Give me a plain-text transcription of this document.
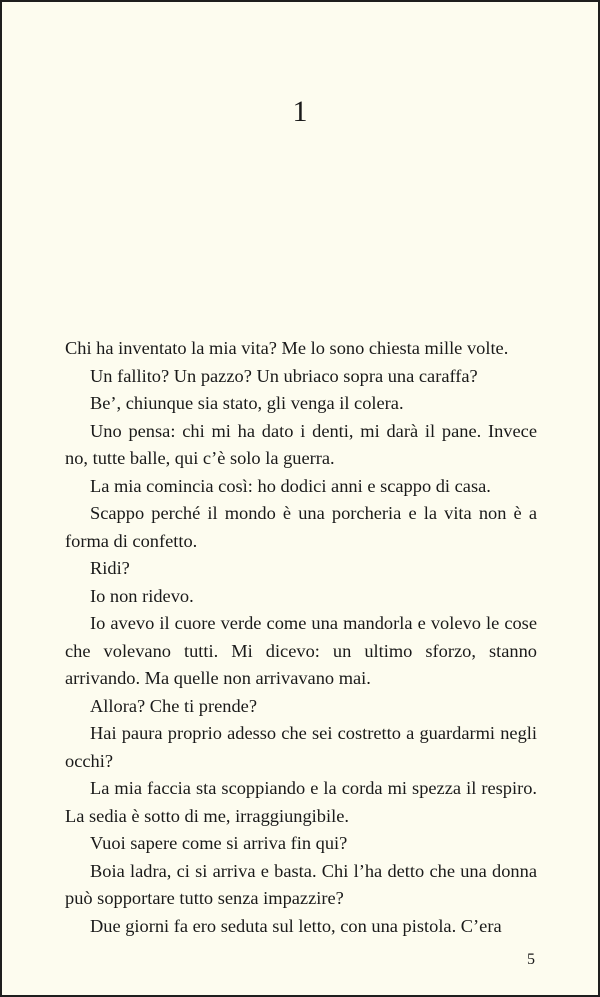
1
Chi ha inventato la mia vita? Me lo sono chiesta mille volte.
Un fallito? Un pazzo? Un ubriaco sopra una caraffa?
Be’, chiunque sia stato, gli venga il colera.
Uno pensa: chi mi ha dato i denti, mi darà il pane. Invece no, tutte balle, qui c’è solo la guerra.
La mia comincia così: ho dodici anni e scappo di casa.
Scappo perché il mondo è una porcheria e la vita non è a forma di confetto.
Ridi?
Io non ridevo.
Io avevo il cuore verde come una mandorla e volevo le cose che volevano tutti. Mi dicevo: un ultimo sforzo, stanno arrivando. Ma quelle non arrivavano mai.
Allora? Che ti prende?
Hai paura proprio adesso che sei costretto a guardarmi negli occhi?
La mia faccia sta scoppiando e la corda mi spezza il respiro. La sedia è sotto di me, irraggiungibile.
Vuoi sapere come si arriva fin qui?
Boia ladra, ci si arriva e basta. Chi l’ha detto che una donna può sopportare tutto senza impazzire?
Due giorni fa ero seduta sul letto, con una pistola. C’era
5
